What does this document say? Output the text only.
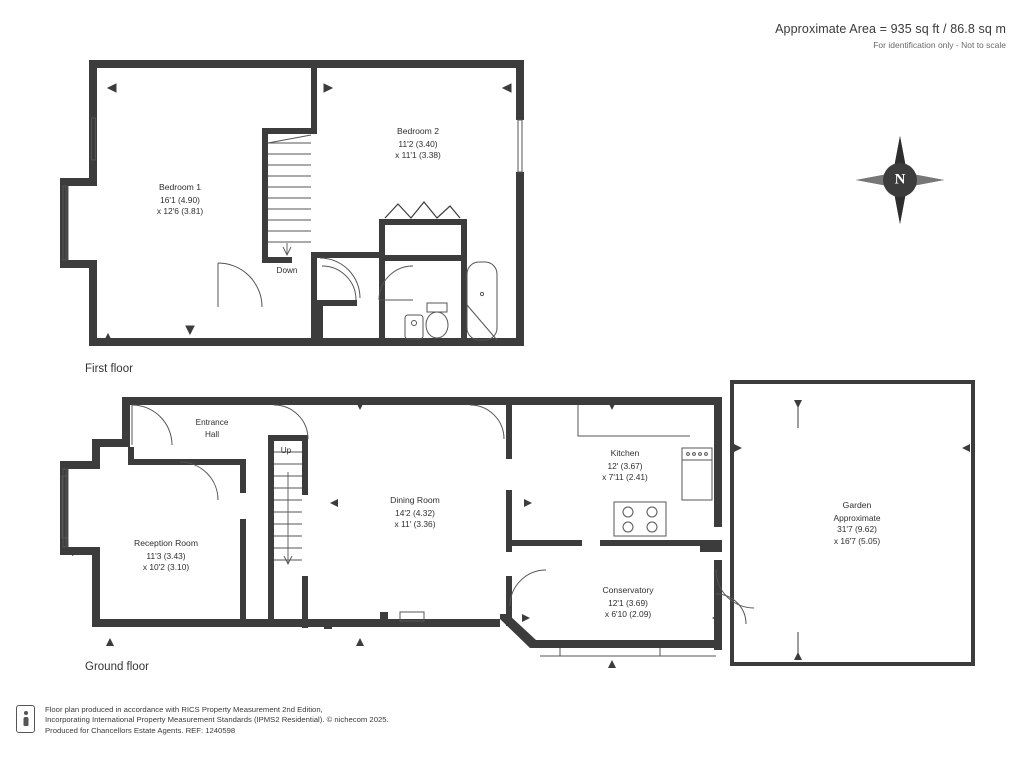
Approximate Area = 935 sq ft / 86.8 sq m
For identification only - Not to scale
N
Bedroom 1
16'1 (4.90)
x 12'6 (3.81)
Bedroom 2
11'2 (3.40)
x 11'1 (3.38)
Down
First floor
Entrance
Hall
Up
Reception Room
11'3 (3.43)
x 10'2 (3.10)
Dining Room
14'2 (4.32)
x 11' (3.36)
Kitchen
12' (3.67)
x 7'11 (2.41)
Conservatory
12'1 (3.69)
x 6'10 (2.09)
Garden
Approximate
31'7 (9.62)
x 16'7 (5.05)
Ground floor
Floor plan produced in accordance with RICS Property Measurement 2nd Edition,
Incorporating International Property Measurement Standards (IPMS2 Residential). © nichecom 2025.
Produced for Chancellors Estate Agents. REF: 1240598
